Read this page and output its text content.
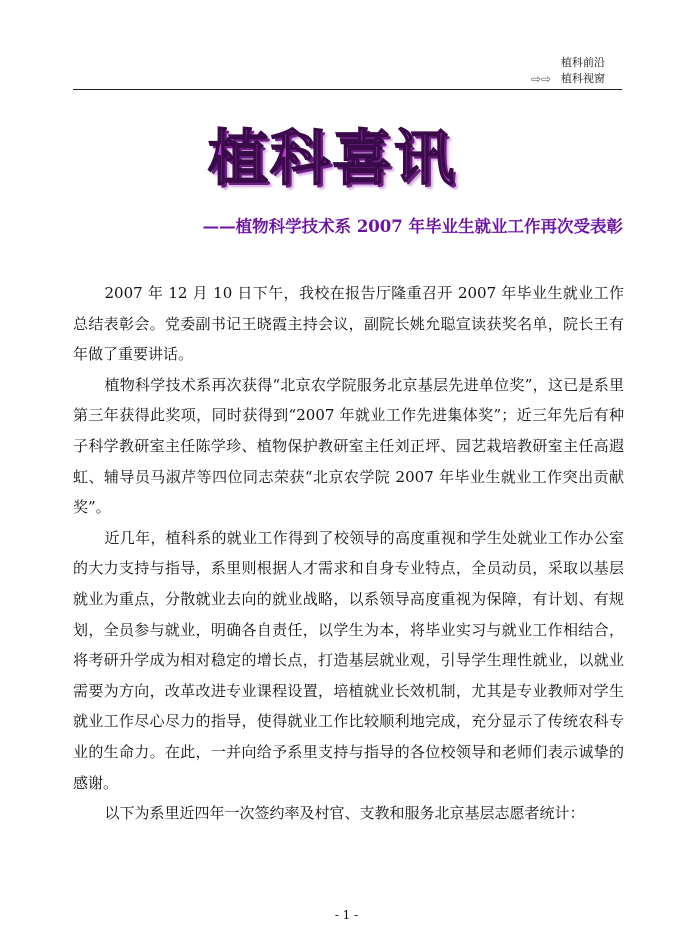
植科前沿
⇨⇨ 植科视窗
植科喜讯
——植物科学技术系 2007 年毕业生就业工作再次受表彰

2007 年 12 月 10 日下午，我校在报告厅隆重召开 2007 年毕业生就业工作总结表彰会。党委副书记王晓霞主持会议，副院长姚允聪宣读获奖名单，院长王有年做了重要讲话。

植物科学技术系再次获得“北京农学院服务北京基层先进单位奖”，这已是系里第三年获得此奖项，同时获得到“2007 年就业工作先进集体奖”；近三年先后有种子科学教研室主任陈学珍、植物保护教研室主任刘正坪、园艺栽培教研室主任高遐虹、辅导员马淑芹等四位同志荣获“北京农学院 2007 年毕业生就业工作突出贡献奖”。

近几年，植科系的就业工作得到了校领导的高度重视和学生处就业工作办公室的大力支持与指导，系里则根据人才需求和自身专业特点，全员动员，采取以基层就业为重点，分散就业去向的就业战略，以系领导高度重视为保障，有计划、有规划，全员参与就业，明确各自责任，以学生为本，将毕业实习与就业工作相结合，将考研升学成为相对稳定的增长点，打造基层就业观，引导学生理性就业，以就业需要为方向，改革改进专业课程设置，培植就业长效机制，尤其是专业教师对学生就业工作尽心尽力的指导，使得就业工作比较顺利地完成，充分显示了传统农科专业的生命力。在此，一并向给予系里支持与指导的各位校领导和老师们表示诚挚的感谢。

以下为系里近四年一次签约率及村官、支教和服务北京基层志愿者统计：

- 1 -
